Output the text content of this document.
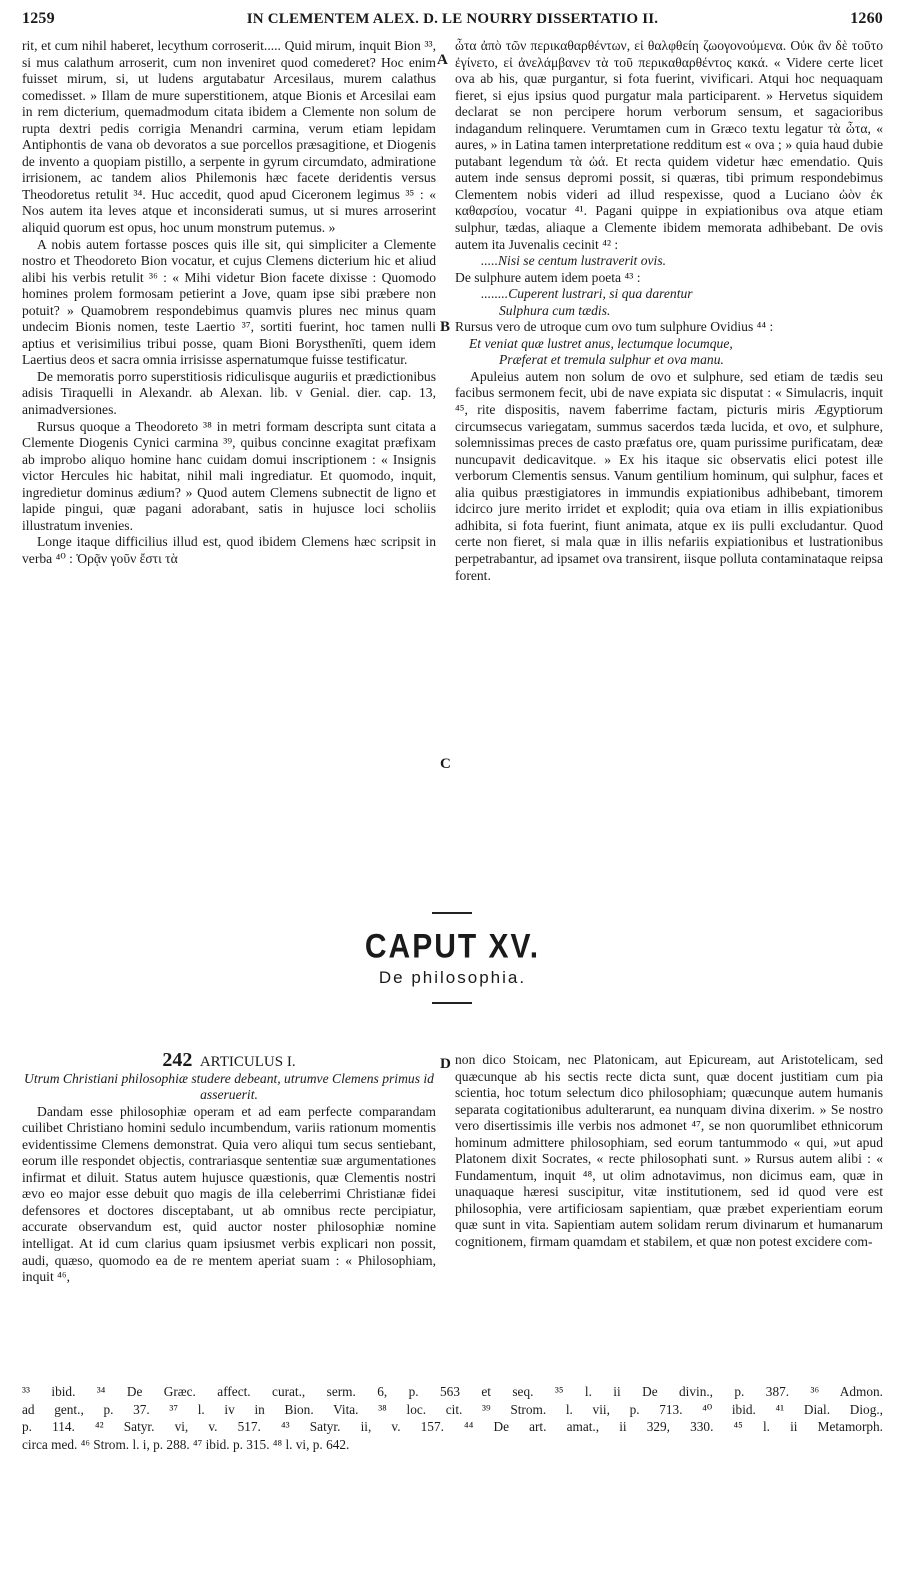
1259	IN CLEMENTEM ALEX. D. LE NOURRY DISSERTATIO II.	1260

rit, et cum nihil haberet, lecythum corroserit..... Quid mirum, inquit Bion ³³, si mus calathum arroserit, cum non inveniret quod comederet? Hoc enim fuisset mirum, si, ut ludens argutabatur Arcesilaus, murem calathus comedisset. » Illam de mure superstitionem, atque Bionis et Arcesilai eam in rem dicterium, quemadmodum citata ibidem a Clemente non solum de rupta dextri pedis corrigia Menandri carmina, verum etiam lepidam Antiphontis de vana ob devoratos a sue porcellos præsagitione, et Diogenis de invento a quopiam pistillo, a serpente in gyrum circumdato, admiratione irrisionem, ac tandem alios Philemonis hæc facete deridentis versus Theodoretus retulit ³⁴. Huc accedit, quod apud Ciceronem legimus ³⁵ : « Nos autem ita leves atque et inconsiderati sumus, ut si mures arroserint aliquid quorum est opus, hoc unum monstrum putemus. »

A nobis autem fortasse posces quis ille sit, qui simpliciter a Clemente nostro et Theodoreto Bion vocatur, et cujus Clemens dicterium hic et aliud alibi his verbis retulit ³⁶ : « Mihi videtur Bion facete dixisse : Quomodo homines prolem formosam petierint a Jove, quam ipse sibi præbere non potuit? » Quamobrem respondebimus quamvis plures nec minus quam undecim Bionis nomen, teste Laertio ³⁷, sortiti fuerint, hoc tamen nulli aptius et verisimilius tribui posse, quam Bioni Borysthenīti, quem idem Laertius deos et sacra omnia irrisisse aspernatumque fuisse testificatur.

De memoratis porro superstitiosis ridiculisque auguriis et prædictionibus adisis Tiraquelli in Alexandr. ab Alexan. lib. v Genial. dier. cap. 13, animadversiones.

Rursus quoque a Theodoreto ³⁸ in metri formam descripta sunt citata a Clemente Diogenis Cynici carmina ³⁹, quibus concinne exagitat præfixam ab improbo aliquo homine hanc cuidam domui inscriptionem : « Insignis victor Hercules hic habitat, nihil mali ingrediatur. Et quomodo, inquit, ingredietur dominus ædium? » Quod autem Clemens subnectit de ligno et lapide pingui, quæ pagani adorabant, satis in hujusce loci scholiis illustratum invenies.

Longe itaque difficilius illud est, quod ibidem Clemens hæc scripsit in verba ⁴⁰ : Ὁρᾷν γοῦν ἔστι τὰ

ὦτα ἀπὸ τῶν περικαθαρθέντων, εἰ θαλφθείη ζωογονούμενα. Οὐκ ἂν δὲ τοῦτο ἐγίνετο, εἰ ἀνελάμβανεν τὰ τοῦ περικαθαρθέντος κακά. « Videre certe licet ova ab his, quæ purgantur, si fota fuerint, vivificari. Atqui hoc nequaquam fieret, si ejus ipsius quod purgatur mala participarent. » Hervetus siquidem declarat se non percipere horum verborum sensum, et sagacioribus indagandum relinquere. Verumtamen cum in Græco textu legatur τὰ ὦτα, « aures, » in Latina tamen interpretatione redditum est « ova ; » quia haud dubie putabant legendum τὰ ὠά. Et recta quidem videtur hæc emendatio. Quis autem inde sensus depromi possit, si quæras, tibi primum respondebimus Clementem nobis videri ad illud respexisse, quod a Luciano ὠὸν ἐκ καθαρσίου, vocatur ⁴¹. Pagani quippe in expiationibus ova atque etiam sulphur, tædas, aliaque a Clemente ibidem memorata adhibebant. De ovis autem ita Juvenalis cecinit ⁴² :

.....Nisi se centum lustraverit ovis.

De sulphure autem idem poeta ⁴³ :

........Cuperent lustrari, si qua darentur

Sulphura cum tædis.

Rursus vero de utroque cum ovo tum sulphure Ovidius ⁴⁴ :

Et veniat quæ lustret anus, lectumque locumque,

Præferat et tremula sulphur et ova manu.

Apuleius autem non solum de ovo et sulphure, sed etiam de tædis seu facibus sermonem fecit, ubi de nave expiata sic disputat : « Simulacris, inquit ⁴⁵, rite dispositis, navem faberrime factam, picturis miris Ægyptiorum circumsecus variegatam, summus sacerdos tæda lucida, et ovo, et sulphure, solemnissimas preces de casto præfatus ore, quam purissime purificatam, deæ nuncupavit dedicavitque. » Ex his itaque sic observatis elici potest ille verborum Clementis sensus. Vanum gentilium hominum, qui sulphur, faces et alia quibus præstigiatores in immundis expiationibus adhibebant, timorem idcirco jure merito irridet et explodit; quia ova etiam in illis expiationibus adhibita, si fota fuerint, fiunt animata, atque ex iis pulli excludantur. Quod certe non fieret, si mala quæ in illis nefariis expiationibus et lustrationibus perpetrabantur, ad ipsamet ova transirent, iisque polluta contaminataque reipsa forent.

A
B
C
D
CAPUT XV.
De philosophia.

242 ARTICULUS I.

Utrum Christiani philosophiæ studere debeant, utrumve Clemens primus id asseruerit.

Dandam esse philosophiæ operam et ad eam perfecte comparandam cuilibet Christiano homini sedulo incumbendum, variis rationum momentis evidentissime Clemens demonstrat. Quia vero aliqui tum secus sentiebant, eorum ille respondet objectis, contrariasque sententiæ suæ argumentationes infirmat et diluit. Status autem hujusce quæstionis, quæ Clementis nostri ævo eo major esse debuit quo magis de illa celeberrimi Christianæ fidei defensores et doctores disceptabant, ut ab omnibus recte percipiatur, accurate observandum est, quid auctor noster philosophiæ nomine intelligat. At id cum clarius quam ipsiusmet verbis explicari non possit, audi, quæso, quomodo ea de re mentem aperiat suam : « Philosophiam, inquit ⁴⁶,

non dico Stoicam, nec Platonicam, aut Epicuream, aut Aristotelicam, sed quæcunque ab his sectis recte dicta sunt, quæ docent justitiam cum pia scientia, hoc totum selectum dico philosophiam; quæcunque autem humanis separata cogitationibus adulterarunt, ea nunquam divina dixerim. » Se nostro vero disertissimis ille verbis nos admonet ⁴⁷, se non quorumlibet ethnicorum hominum admittere philosophiam, sed eorum tantummodo « qui, »ut apud Platonem dixit Socrates, « recte philosophati sunt. » Rursus autem alibi : « Fundamentum, inquit ⁴⁸, ut olim adnotavimus, non dicimus eam, quæ in unaquaque hæresi suscipitur, vitæ institutionem, sed id quod vere est philosophia, vere artificiosam sapientiam, quæ præbet experientiam eorum quæ sunt in vita. Sapientiam autem solidam rerum divinarum et humanarum cognitionem, firmam quamdam et stabilem, et quæ non potest excidere com-

³³ ibid. ³⁴ De Græc. affect. curat., serm. 6, p. 563 et seq. ³⁵ l. ii De divin., p. 387. ³⁶ Admon.

ad gent., p. 37. ³⁷ l. iv in Bion. Vita. ³⁸ loc. cit. ³⁹ Strom. l. vii, p. 713. ⁴⁰ ibid. ⁴¹ Dial. Diog.,

p. 114. ⁴² Satyr. vi, v. 517. ⁴³ Satyr. ii, v. 157. ⁴⁴ De art. amat., ii 329, 330. ⁴⁵ l. ii Metamorph.

circa med. ⁴⁶ Strom. l. i, p. 288. ⁴⁷ ibid. p. 315. ⁴⁸ l. vi, p. 642.
